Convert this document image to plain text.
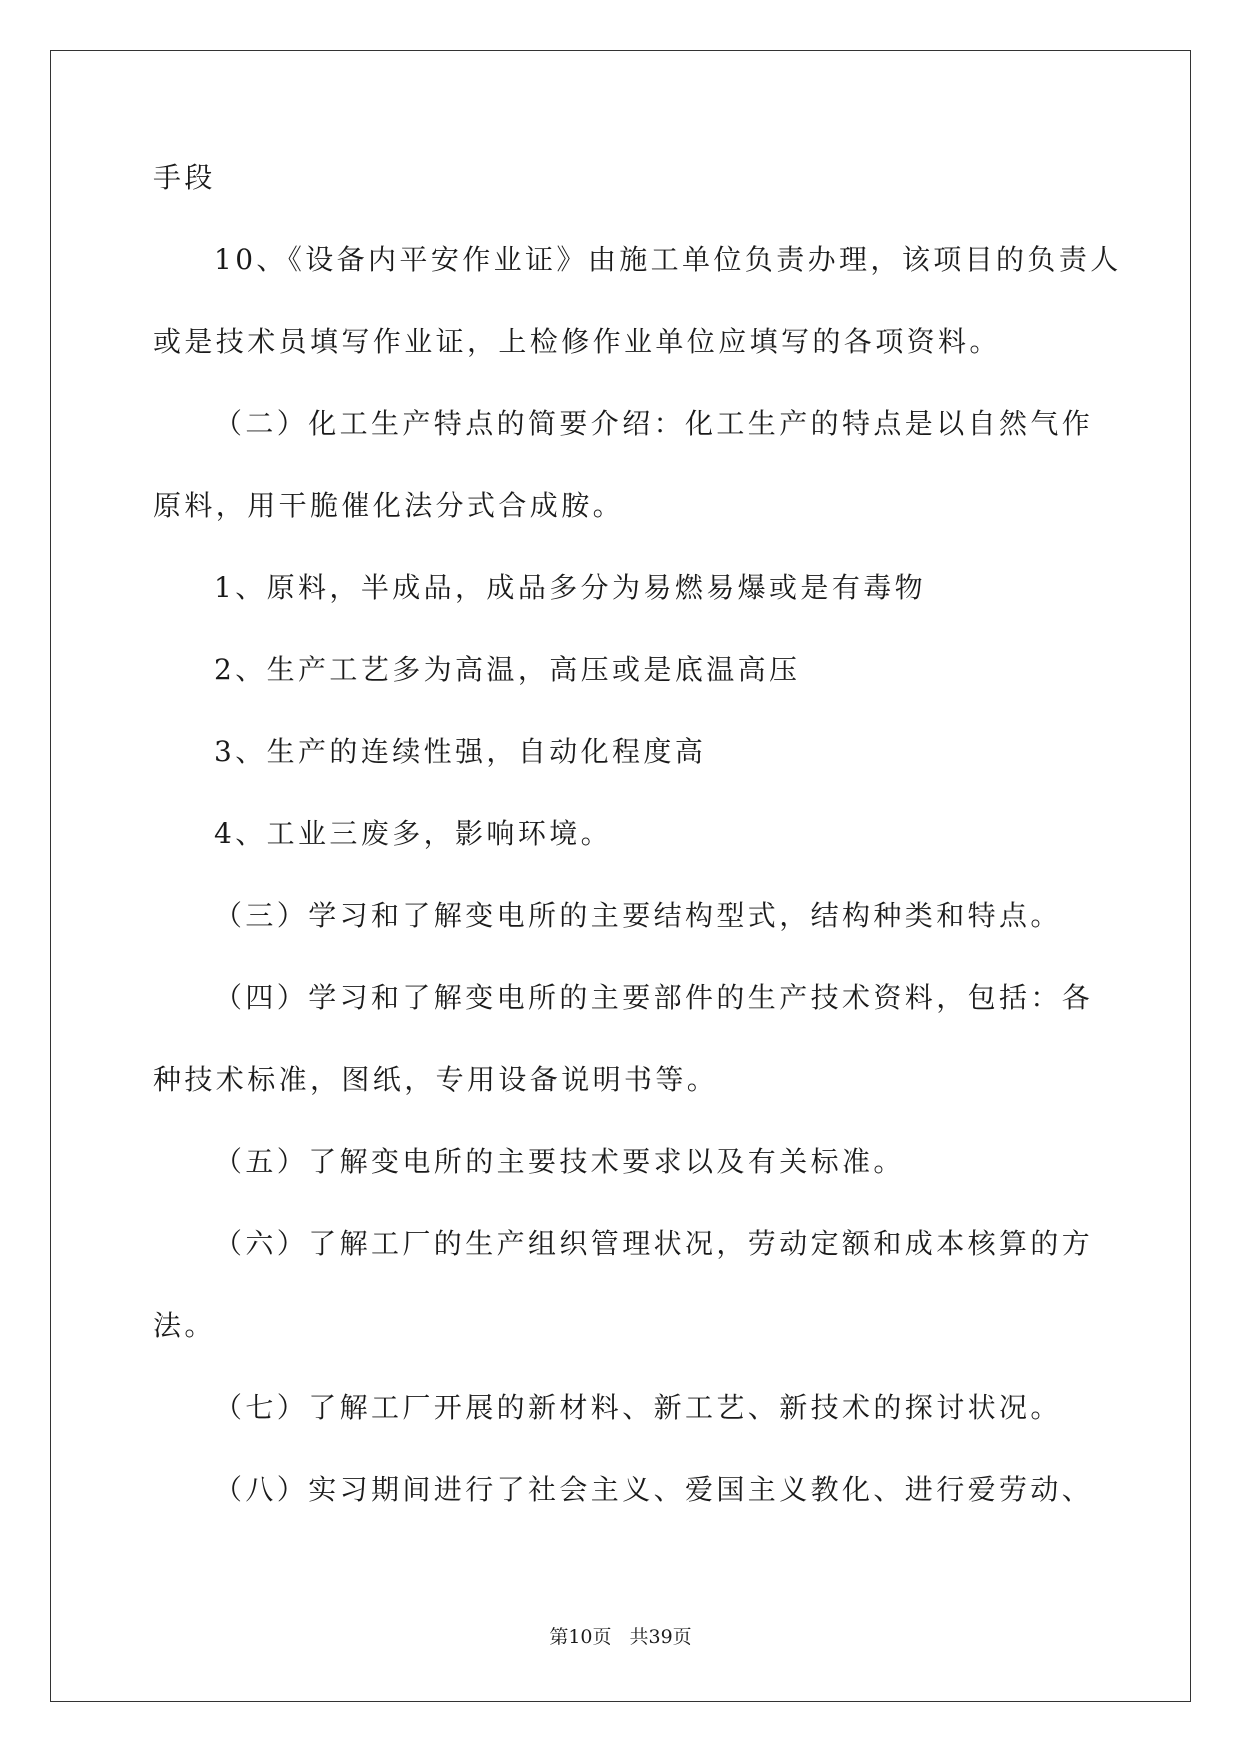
手段

10、《设备内平安作业证》由施工单位负责办理，该项目的负责人

或是技术员填写作业证，上检修作业单位应填写的各项资料。

（二）化工生产特点的简要介绍：化工生产的特点是以自然气作

原料，用干脆催化法分式合成胺。

1、原料，半成品，成品多分为易燃易爆或是有毒物

2、生产工艺多为高温，高压或是底温高压

3、生产的连续性强，自动化程度高

4、工业三废多，影响环境。

（三）学习和了解变电所的主要结构型式，结构种类和特点。

（四）学习和了解变电所的主要部件的生产技术资料，包括：各

种技术标准，图纸，专用设备说明书等。

（五）了解变电所的主要技术要求以及有关标准。

（六）了解工厂的生产组织管理状况，劳动定额和成本核算的方

法。

（七）了解工厂开展的新材料、新工艺、新技术的探讨状况。

（八）实习期间进行了社会主义、爱国主义教化、进行爱劳动、

第10页 共39页
